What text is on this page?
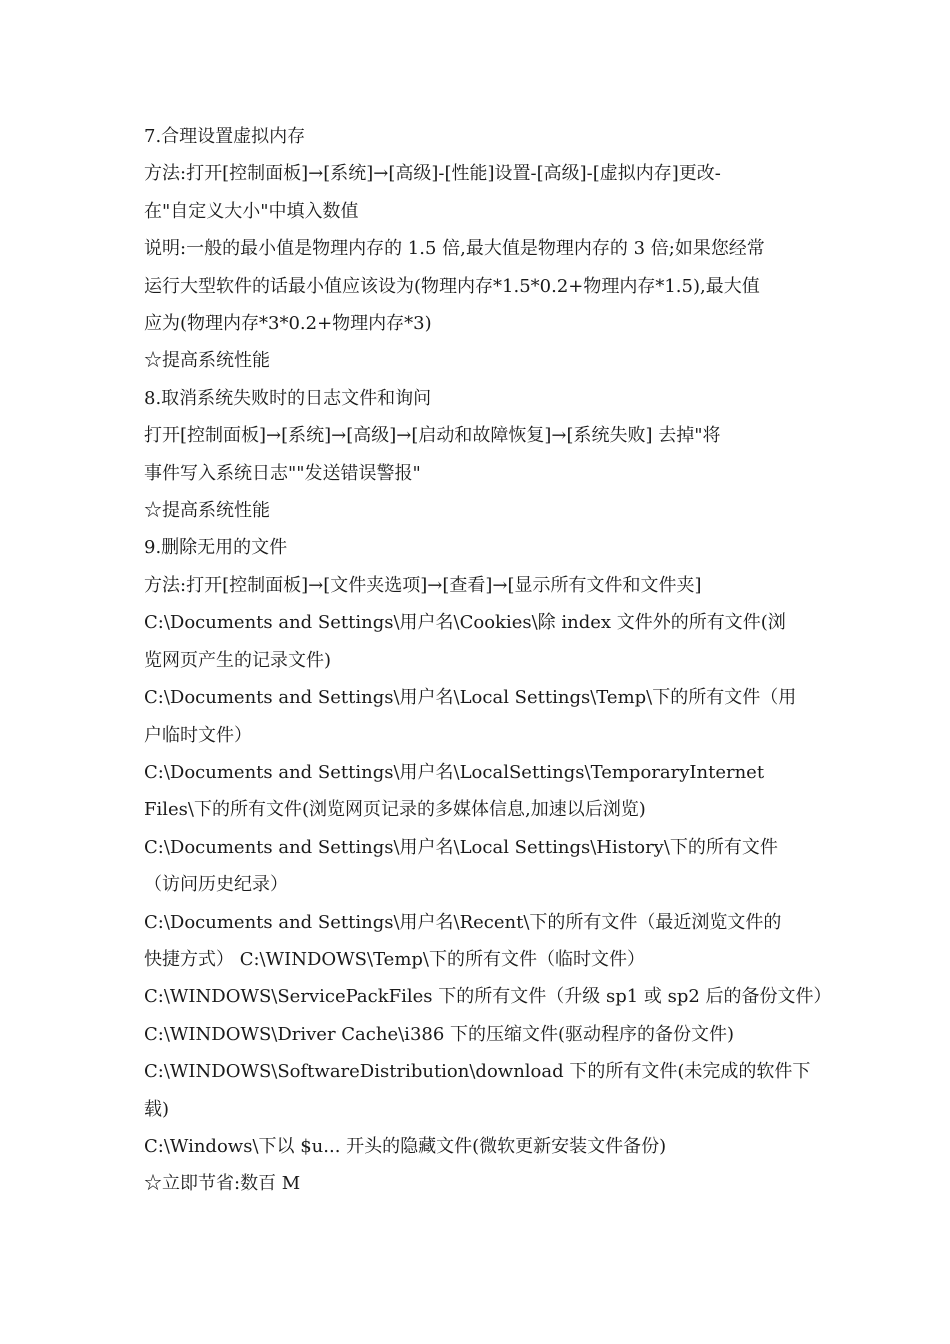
7.合理设置虚拟内存
方法:打开[控制面板]→[系统]→[高级]-[性能]设置-[高级]-[虚拟内存]更改-
在"自定义大小"中填入数值
说明:一般的最小值是物理内存的 1.5 倍,最大值是物理内存的 3 倍;如果您经常
运行大型软件的话最小值应该设为(物理内存*1.5*0.2+物理内存*1.5),最大值
应为(物理内存*3*0.2+物理内存*3)
☆提高系统性能
8.取消系统失败时的日志文件和询问
打开[控制面板]→[系统]→[高级]→[启动和故障恢复]→[系统失败] 去掉"将
事件写入系统日志""发送错误警报"
☆提高系统性能
9.删除无用的文件
方法:打开[控制面板]→[文件夹选项]→[查看]→[显示所有文件和文件夹]
C:\Documents and Settings\用户名\Cookies\除 index 文件外的所有文件(浏
览网页产生的记录文件)
C:\Documents and Settings\用户名\Local Settings\Temp\下的所有文件（用
户临时文件）
C:\Documents and Settings\用户名\LocalSettings\TemporaryInternet
Files\下的所有文件(浏览网页记录的多媒体信息,加速以后浏览)
C:\Documents and Settings\用户名\Local Settings\History\下的所有文件
（访问历史纪录）
C:\Documents and Settings\用户名\Recent\下的所有文件（最近浏览文件的
快捷方式） C:\WINDOWS\Temp\下的所有文件（临时文件）
C:\WINDOWS\ServicePackFiles 下的所有文件（升级 sp1 或 sp2 后的备份文件）
C:\WINDOWS\Driver Cache\i386 下的压缩文件(驱动程序的备份文件)
C:\WINDOWS\SoftwareDistribution\download 下的所有文件(未完成的软件下
载)
C:\Windows\下以 $u... 开头的隐藏文件(微软更新安装文件备份)
☆立即节省:数百 M
